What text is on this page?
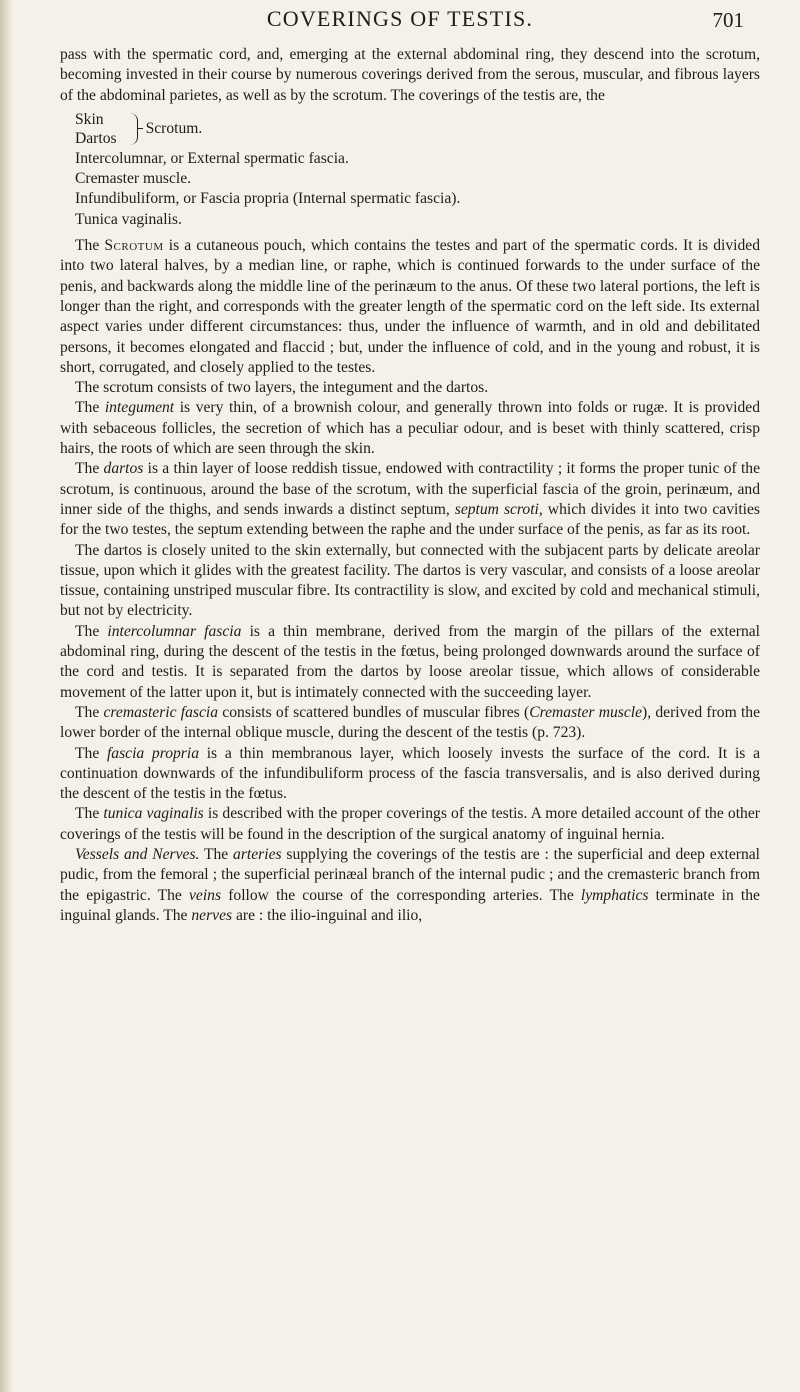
COVERINGS OF TESTIS.	701

pass with the spermatic cord, and, emerging at the external abdominal ring, they descend into the scrotum, becoming invested in their course by numerous coverings derived from the serous, muscular, and fibrous layers of the abdominal parietes, as well as by the scrotum. The coverings of the testis are, the

Skin
Dartos
Scrotum.
Intercolumnar, or External spermatic fascia.
Cremaster muscle.
Infundibuliform, or Fascia propria (Internal spermatic fascia).
Tunica vaginalis.

The Scrotum is a cutaneous pouch, which contains the testes and part of the spermatic cords. It is divided into two lateral halves, by a median line, or raphe, which is continued forwards to the under surface of the penis, and backwards along the middle line of the perinæum to the anus. Of these two lateral portions, the left is longer than the right, and corresponds with the greater length of the spermatic cord on the left side. Its external aspect varies under different circumstances: thus, under the influence of warmth, and in old and debilitated persons, it becomes elongated and flaccid ; but, under the influence of cold, and in the young and robust, it is short, corrugated, and closely applied to the testes.

The scrotum consists of two layers, the integument and the dartos.

The integument is very thin, of a brownish colour, and generally thrown into folds or rugæ. It is provided with sebaceous follicles, the secretion of which has a peculiar odour, and is beset with thinly scattered, crisp hairs, the roots of which are seen through the skin.

The dartos is a thin layer of loose reddish tissue, endowed with contractility ; it forms the proper tunic of the scrotum, is continuous, around the base of the scrotum, with the superficial fascia of the groin, perinæum, and inner side of the thighs, and sends inwards a distinct septum, septum scroti, which divides it into two cavities for the two testes, the septum extending between the raphe and the under surface of the penis, as far as its root.

The dartos is closely united to the skin externally, but connected with the subjacent parts by delicate areolar tissue, upon which it glides with the greatest facility. The dartos is very vascular, and consists of a loose areolar tissue, containing unstriped muscular fibre. Its contractility is slow, and excited by cold and mechanical stimuli, but not by electricity.

The intercolumnar fascia is a thin membrane, derived from the margin of the pillars of the external abdominal ring, during the descent of the testis in the fœtus, being prolonged downwards around the surface of the cord and testis. It is separated from the dartos by loose areolar tissue, which allows of considerable movement of the latter upon it, but is intimately connected with the succeeding layer.

The cremasteric fascia consists of scattered bundles of muscular fibres (Cremaster muscle), derived from the lower border of the internal oblique muscle, during the descent of the testis (p. 723).

The fascia propria is a thin membranous layer, which loosely invests the surface of the cord. It is a continuation downwards of the infundibuliform process of the fascia transversalis, and is also derived during the descent of the testis in the fœtus.

The tunica vaginalis is described with the proper coverings of the testis. A more detailed account of the other coverings of the testis will be found in the description of the surgical anatomy of inguinal hernia.

Vessels and Nerves. The arteries supplying the coverings of the testis are : the superficial and deep external pudic, from the femoral ; the superficial perinæal branch of the internal pudic ; and the cremasteric branch from the epigastric. The veins follow the course of the corresponding arteries. The lymphatics terminate in the inguinal glands. The nerves are : the ilio-inguinal and ilio,
